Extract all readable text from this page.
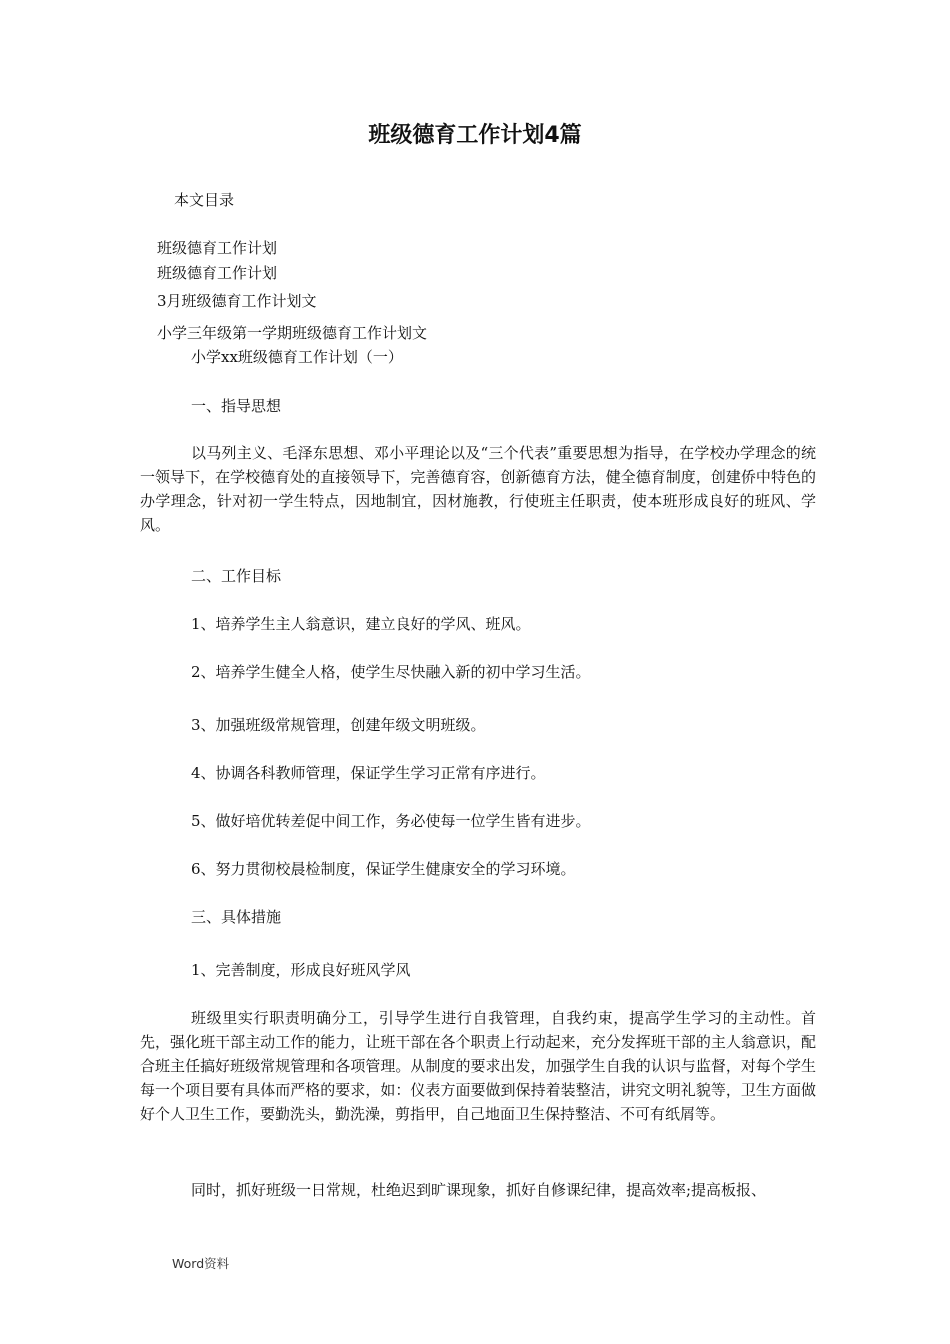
班级德育工作计划4篇
本文目录
班级德育工作计划
班级德育工作计划
3月班级德育工作计划文
小学三年级第一学期班级德育工作计划文
小学xx班级德育工作计划（一）
一、指导思想
以马列主义、毛泽东思想、邓小平理论以及“三个代表”重要思想为指导，在学校办学理念的统一领导下，在学校德育处的直接领导下，完善德育容，创新德育方法，健全德育制度，创建侨中特色的办学理念，针对初一学生特点，因地制宜，因材施教，行使班主任职责，使本班形成良好的班风、学风。
二、工作目标
1、培养学生主人翁意识，建立良好的学风、班风。
2、培养学生健全人格，使学生尽快融入新的初中学习生活。
3、加强班级常规管理，创建年级文明班级。
4、协调各科教师管理，保证学生学习正常有序进行。
5、做好培优转差促中间工作，务必使每一位学生皆有进步。
6、努力贯彻校晨检制度，保证学生健康安全的学习环境。
三、具体措施
1、完善制度，形成良好班风学风
班级里实行职责明确分工，引导学生进行自我管理，自我约束，提高学生学习的主动性。首先，强化班干部主动工作的能力，让班干部在各个职责上行动起来，充分发挥班干部的主人翁意识，配合班主任搞好班级常规管理和各项管理。从制度的要求出发，加强学生自我的认识与监督，对每个学生每一个项目要有具体而严格的要求，如：仪表方面要做到保持着装整洁，讲究文明礼貌等，卫生方面做好个人卫生工作，要勤洗头，勤洗澡，剪指甲，自己地面卫生保持整洁、不可有纸屑等。
同时，抓好班级一日常规，杜绝迟到旷课现象，抓好自修课纪律，提高效率;提高板报、
Word资料
